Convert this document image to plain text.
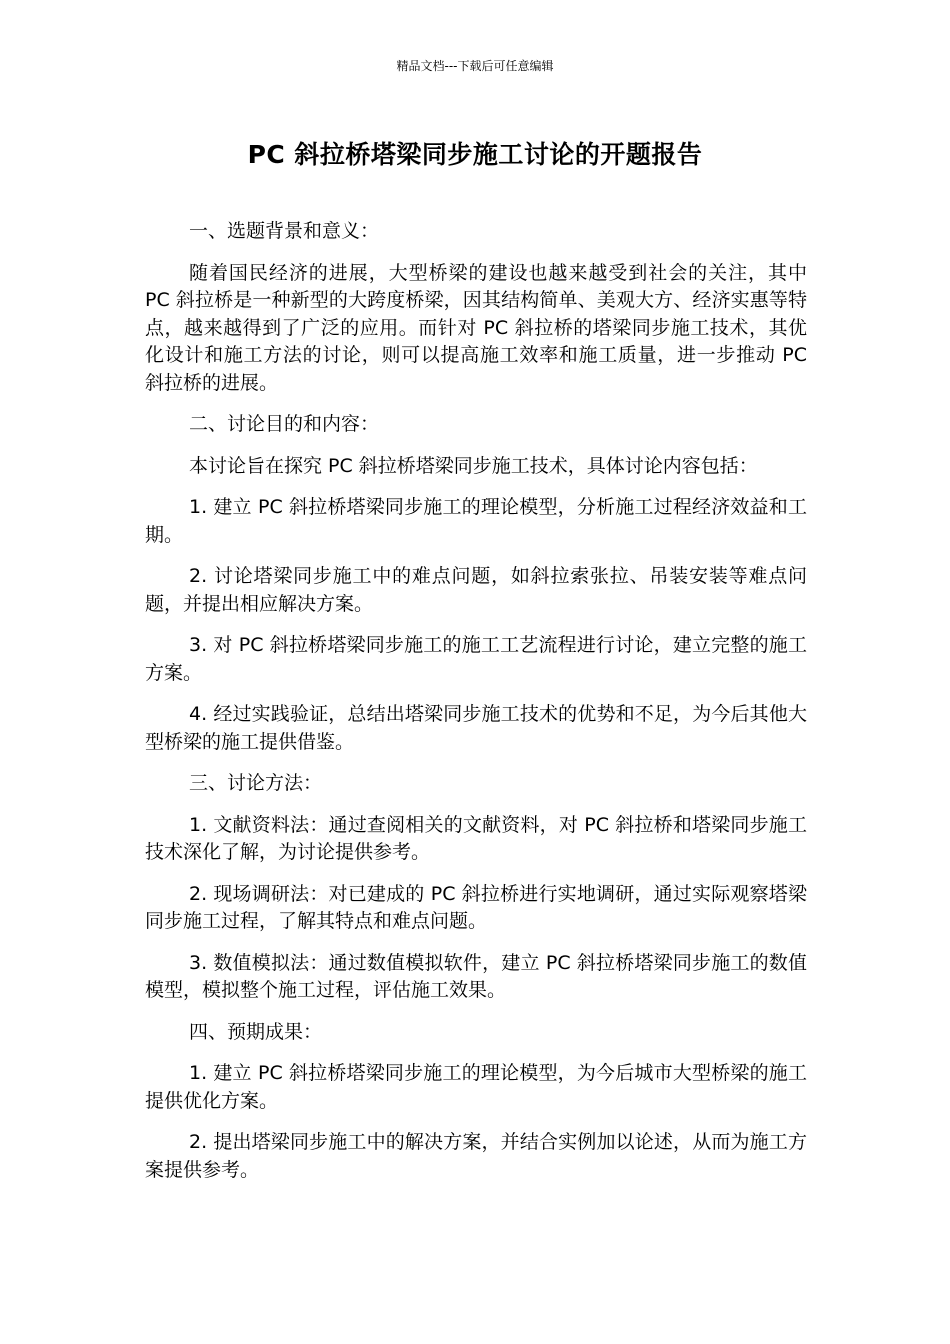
精品文档---下载后可任意编辑
PC 斜拉桥塔梁同步施工讨论的开题报告

一、选题背景和意义：

随着国民经济的进展，大型桥梁的建设也越来越受到社会的关注，其中 PC 斜拉桥是一种新型的大跨度桥梁，因其结构简单、美观大方、经济实惠等特点，越来越得到了广泛的应用。而针对 PC 斜拉桥的塔梁同步施工技术，其优化设计和施工方法的讨论，则可以提高施工效率和施工质量，进一步推动 PC 斜拉桥的进展。

二、讨论目的和内容：

本讨论旨在探究 PC 斜拉桥塔梁同步施工技术，具体讨论内容包括：

1. 建立 PC 斜拉桥塔梁同步施工的理论模型，分析施工过程经济效益和工期。

2. 讨论塔梁同步施工中的难点问题，如斜拉索张拉、吊装安装等难点问题，并提出相应解决方案。

3. 对 PC 斜拉桥塔梁同步施工的施工工艺流程进行讨论，建立完整的施工方案。

4. 经过实践验证，总结出塔梁同步施工技术的优势和不足，为今后其他大型桥梁的施工提供借鉴。

三、讨论方法：

1. 文献资料法：通过查阅相关的文献资料，对 PC 斜拉桥和塔梁同步施工技术深化了解，为讨论提供参考。

2. 现场调研法：对已建成的 PC 斜拉桥进行实地调研，通过实际观察塔梁同步施工过程，了解其特点和难点问题。

3. 数值模拟法：通过数值模拟软件，建立 PC 斜拉桥塔梁同步施工的数值模型，模拟整个施工过程，评估施工效果。

四、预期成果：

1. 建立 PC 斜拉桥塔梁同步施工的理论模型，为今后城市大型桥梁的施工提供优化方案。

2. 提出塔梁同步施工中的解决方案，并结合实例加以论述，从而为施工方案提供参考。
